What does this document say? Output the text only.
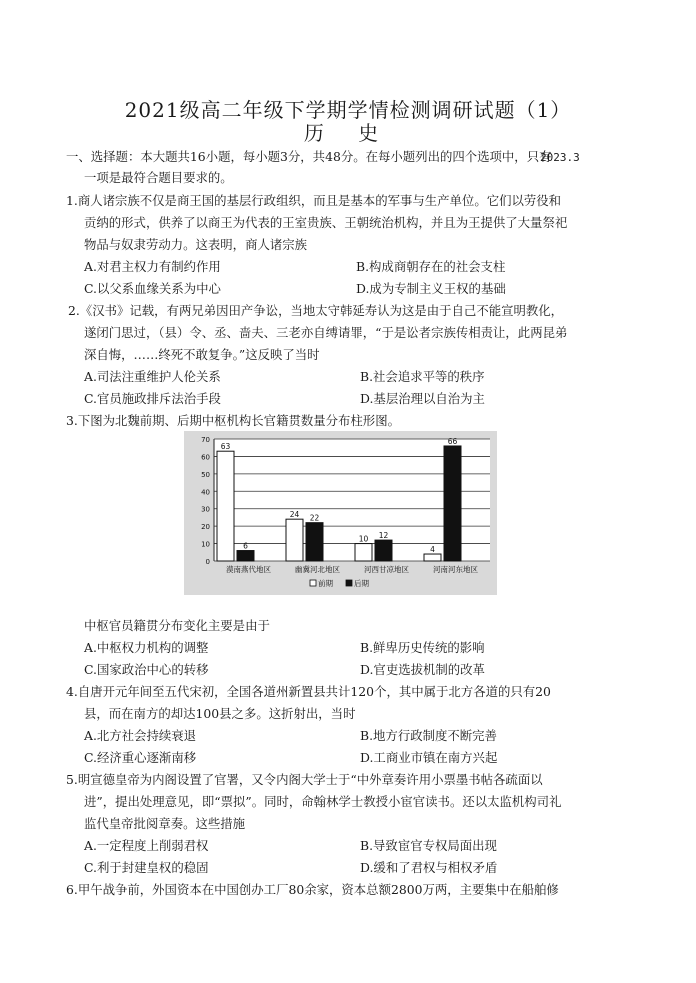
2021级高二年级下学期学情检测调研试题（1）
历 史
2023.3
一、选择题：本大题共16小题，每小题3分，共48分。在每小题列出的四个选项中，只有
一项是最符合题目要求的。
1.商人诸宗族不仅是商王国的基层行政组织，而且是基本的军事与生产单位。它们以劳役和
贡纳的形式，供养了以商王为代表的王室贵族、王朝统治机构，并且为王提供了大量祭祀
物品与奴隶劳动力。这表明，商人诸宗族
A.对君主权力有制约作用	B.构成商朝存在的社会支柱
C.以父系血缘关系为中心	D.成为专制主义王权的基础
2.《汉书》记载，有两兄弟因田产争讼，当地太守韩延寿认为这是由于自己不能宣明教化，
遂闭门思过，（县）令、丞、啬夫、三老亦自缚请罪，“于是讼者宗族传相责让，此两昆弟
深自悔，……终死不敢复争。”这反映了当时
A.司法注重维护人伦关系	B.社会追求平等的秩序
C.官员施政排斥法治手段	D.基层治理以自治为主
3.下图为北魏前期、后期中枢机构长官籍贯数量分布柱形图。
0
10
20
30
40
50
60
70
63
6
漠南燕代地区
24 22
幽冀河北地区
10 12
河西甘凉地区
4
66
河南河东地区
前期	后期
中枢官员籍贯分布变化主要是由于
A.中枢权力机构的调整	B.鲜卑历史传统的影响
C.国家政治中心的转移	D.官吏选拔机制的改革
4.自唐开元年间至五代宋初，全国各道州新置县共计120个，其中属于北方各道的只有20
县，而在南方的却达100县之多。这折射出，当时
A.北方社会持续衰退	B.地方行政制度不断完善
C.经济重心逐渐南移	D.工商业市镇在南方兴起
5.明宣德皇帝为内阁设置了官署，又令内阁大学士于“中外章奏许用小票墨书帖各疏面以
进”，提出处理意见，即“票拟”。同时，命翰林学士教授小宦官读书。还以太监机构司礼
监代皇帝批阅章奏。这些措施
A.一定程度上削弱君权	B.导致宦官专权局面出现
C.利于封建皇权的稳固	D.缓和了君权与相权矛盾
6.甲午战争前，外国资本在中国创办工厂80余家，资本总额2800万两，主要集中在船舶修
